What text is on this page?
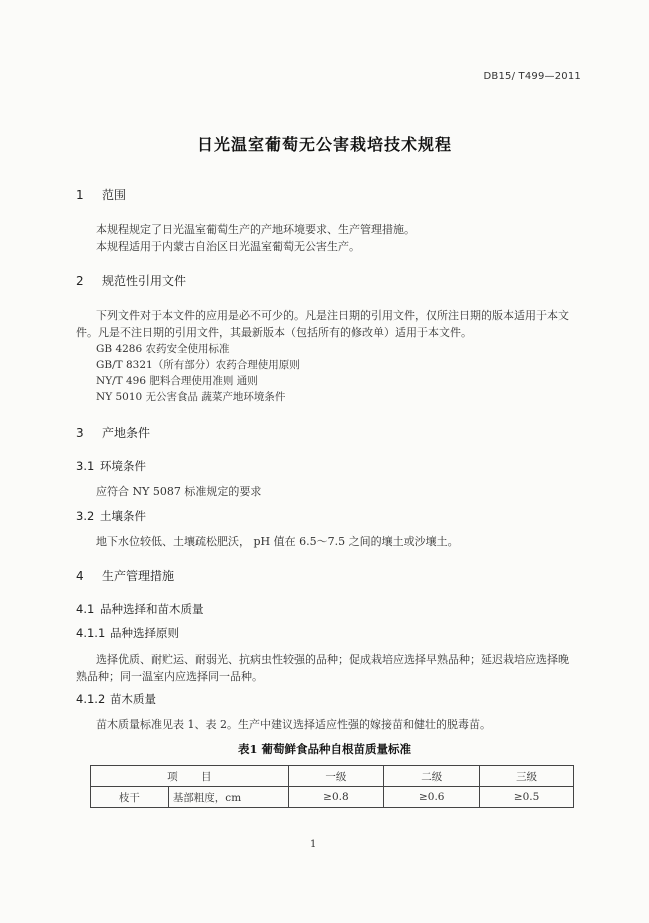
DB15/ T499—2011
日光温室葡萄无公害栽培技术规程
1 范围
本规程规定了日光温室葡萄生产的产地环境要求、生产管理措施。
本规程适用于内蒙古自治区日光温室葡萄无公害生产。
2 规范性引用文件
下列文件对于本文件的应用是必不可少的。凡是注日期的引用文件，仅所注日期的版本适用于本文
件。凡是不注日期的引用文件，其最新版本（包括所有的修改单）适用于本文件。
GB 4286 农药安全使用标准
GB/T 8321（所有部分）农药合理使用原则
NY/T 496 肥料合理使用准则 通则
NY 5010 无公害食品 蔬菜产地环境条件
3 产地条件
3.1 环境条件
应符合 NY 5087 标准规定的要求
3.2 土壤条件
地下水位较低、土壤疏松肥沃， pH 值在 6.5～7.5 之间的壤土或沙壤土。
4 生产管理措施
4.1 品种选择和苗木质量
4.1.1 品种选择原则
选择优质、耐贮运、耐弱光、抗病虫性较强的品种；促成栽培应选择早熟品种；延迟栽培应选择晚
熟品种；同一温室内应选择同一品种。
4.1.2 苗木质量
苗木质量标准见表 1、表 2。生产中建议选择适应性强的嫁接苗和健壮的脱毒苗。
表1 葡萄鲜食品种自根苗质量标准
项       目		一级	二级	三级
枝干	基部粗度，cm	≥0.8	≥0.6	≥0.5
1
